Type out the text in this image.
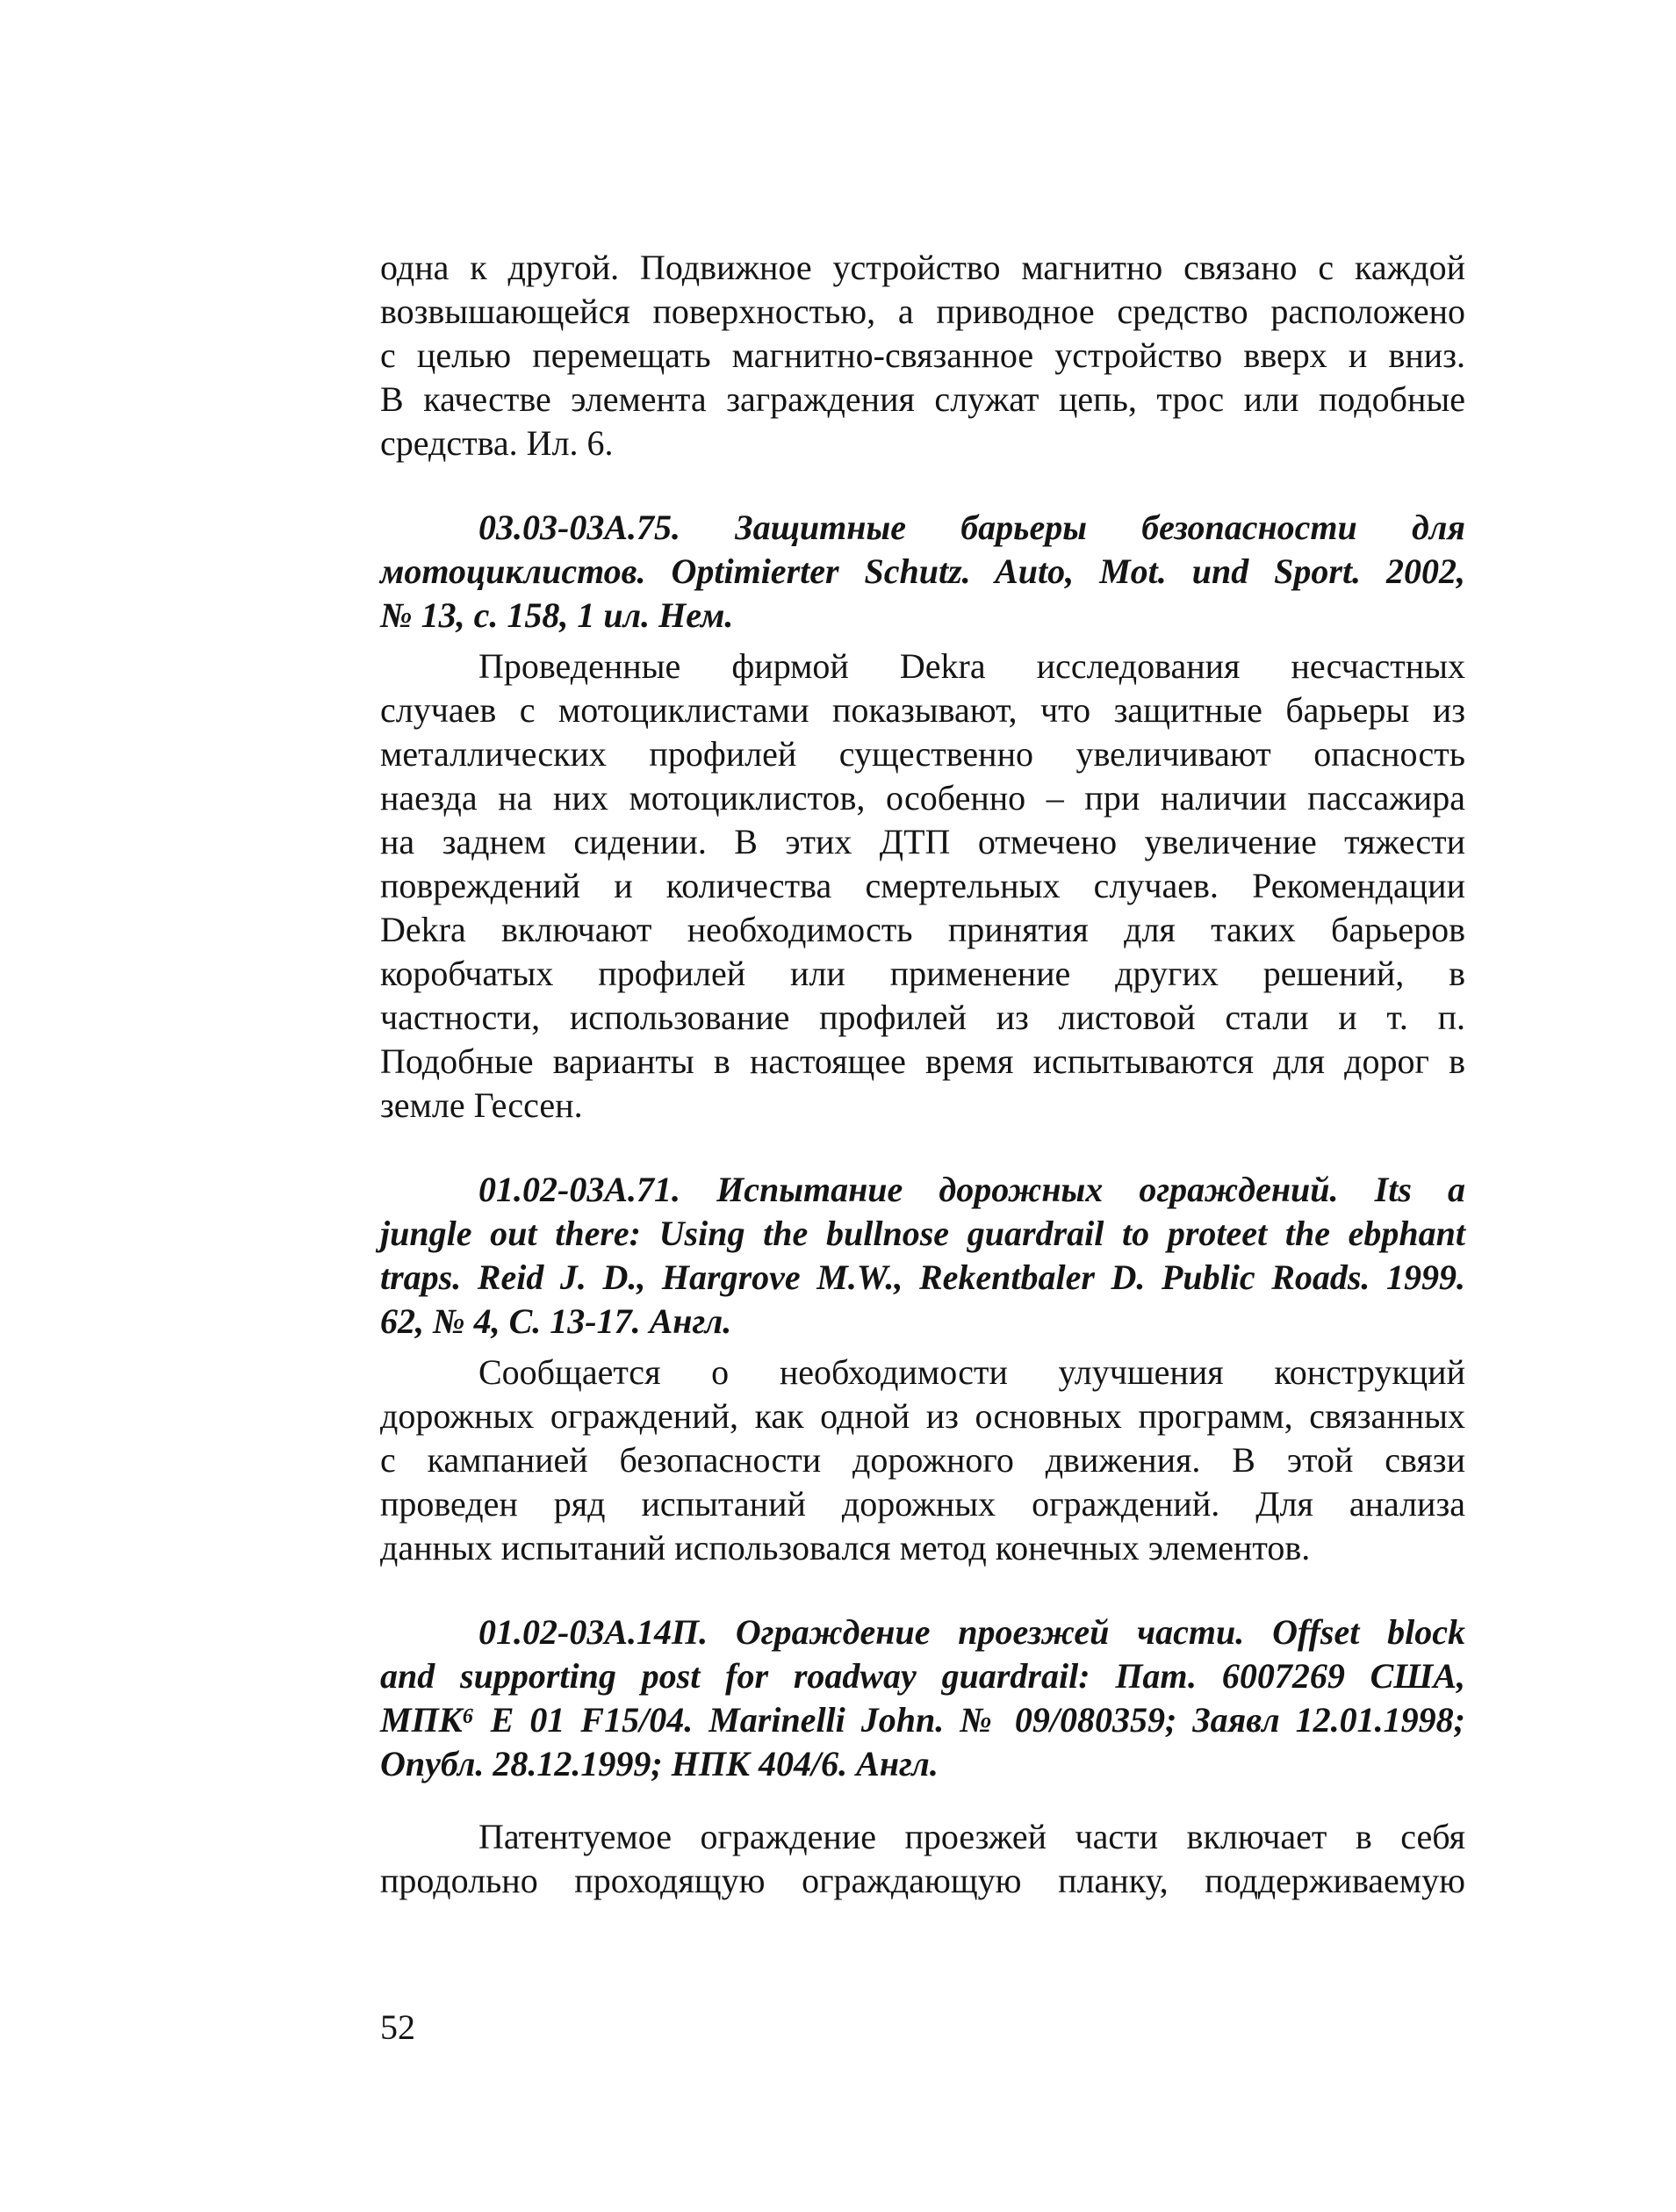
одна к другой. Подвижное устройство магнитно связано с каждой
возвышающейся поверхностью, а приводное средство расположено
с целью перемещать магнитно-связанное устройство вверх и вниз.
В качестве элемента заграждения служат цепь, трос или подобные
средства. Ил. 6.
03.03-03А.75. Защитные барьеры безопасности для
мотоциклистов. Optimierter Schutz. Auto, Mot. und Sport. 2002,
№ 13, с. 158, 1 ил. Нем.
Проведенные фирмой Dekra исследования несчастных
случаев с мотоциклистами показывают, что защитные барьеры из
металлических профилей существенно увеличивают опасность
наезда на них мотоциклистов, особенно – при наличии пассажира
на заднем сидении. В этих ДТП отмечено увеличение тяжести
повреждений и количества смертельных случаев. Рекомендации
Dekra включают необходимость принятия для таких барьеров
коробчатых профилей или применение других решений, в
частности, использование профилей из листовой стали и т. п.
Подобные варианты в настоящее время испытываются для дорог в
земле Гессен.
01.02-03А.71. Испытание дорожных ограждений. Its a
jungle out there: Using the bullnose guardrail to proteet the ebphant
traps. Reid J. D., Hargrove M.W., Rekentbaler D. Public Roads. 1999.
62, № 4, С. 13-17. Англ.
Сообщается о необходимости улучшения конструкций
дорожных ограждений, как одной из основных программ, связанных
с кампанией безопасности дорожного движения. В этой связи
проведен ряд испытаний дорожных ограждений. Для анализа
данных испытаний использовался метод конечных элементов.
01.02-03А.14П. Ограждение проезжей части. Offset block
and supporting post for roadway guardrail: Пат. 6007269 США,
МПК⁶ Е 01 F15/04. Marinelli John. № 09/080359; Заявл 12.01.1998;
Опубл. 28.12.1999; НПК 404/6. Англ.
Патентуемое ограждение проезжей части включает в себя
продольно проходящую ограждающую планку, поддерживаемую
52
